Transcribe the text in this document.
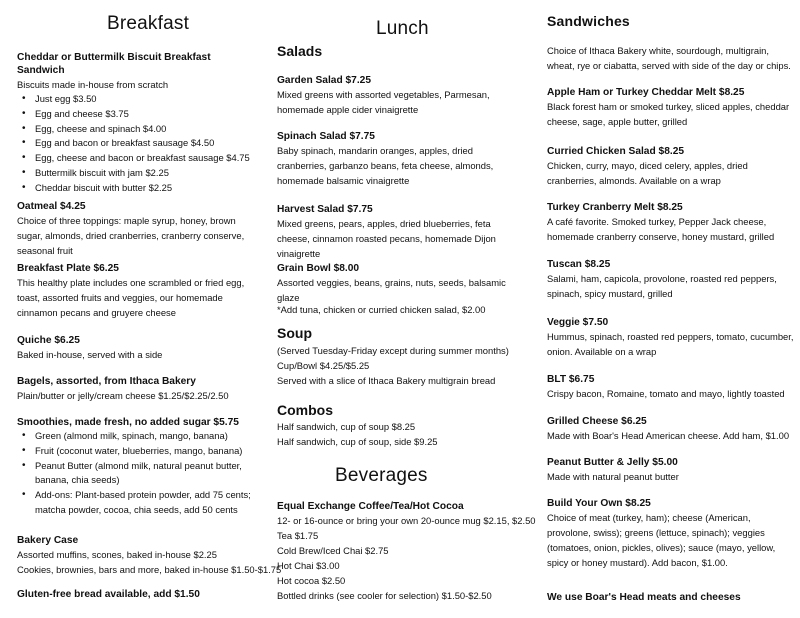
Breakfast
Cheddar or Buttermilk Biscuit Breakfast Sandwich
Biscuits made in-house from scratch
• Just egg $3.50
• Egg and cheese $3.75
• Egg, cheese and spinach $4.00
• Egg and bacon or breakfast sausage $4.50
• Egg, cheese and bacon or breakfast sausage $4.75
• Buttermilk biscuit with jam $2.25
• Cheddar biscuit with butter $2.25
Oatmeal $4.25
Choice of three toppings: maple syrup, honey, brown sugar, almonds, dried cranberries, cranberry conserve, seasonal fruit
Breakfast Plate $6.25
This healthy plate includes one scrambled or fried egg, toast, assorted fruits and veggies, our homemade cinnamon pecans and gruyere cheese
Quiche $6.25
Baked in-house, served with a side
Bagels, assorted, from Ithaca Bakery
Plain/butter or jelly/cream cheese $1.25/$2.25/2.50
Smoothies, made fresh, no added sugar $5.75
• Green (almond milk, spinach, mango, banana)
• Fruit (coconut water, blueberries, mango, banana)
• Peanut Butter (almond milk, natural peanut butter, banana, chia seeds)
• Add-ons: Plant-based protein powder, add 75 cents; matcha powder, cocoa, chia seeds, add 50 cents
Bakery Case
Assorted muffins, scones, baked in-house $2.25
Cookies, brownies, bars and more, baked in-house $1.50-$1.75
Gluten-free bread available, add $1.50
Lunch
Salads
Garden Salad $7.25
Mixed greens with assorted vegetables, Parmesan, homemade apple cider vinaigrette
Spinach Salad $7.75
Baby spinach, mandarin oranges, apples, dried cranberries, garbanzo beans, feta cheese, almonds, homemade balsamic vinaigrette
Harvest Salad $7.75
Mixed greens, pears, apples, dried blueberries, feta cheese, cinnamon roasted pecans, homemade Dijon vinaigrette
Grain Bowl $8.00
Assorted veggies, beans, grains, nuts, seeds, balsamic glaze
*Add tuna, chicken or curried chicken salad, $2.00
Soup
(Served Tuesday-Friday except during summer months)
Cup/Bowl $4.25/$5.25
Served with a slice of Ithaca Bakery multigrain bread
Combos
Half sandwich, cup of soup $8.25
Half sandwich, cup of soup, side $9.25
Beverages
Equal Exchange Coffee/Tea/Hot Cocoa
12- or 16-ounce or bring your own 20-ounce mug $2.15, $2.50
Tea $1.75
Cold Brew/Iced Chai $2.75
Hot Chai $3.00
Hot cocoa $2.50
Bottled drinks (see cooler for selection) $1.50-$2.50
Sandwiches
Choice of Ithaca Bakery white, sourdough, multigrain, wheat, rye or ciabatta, served with side of the day or chips.
Apple Ham or Turkey Cheddar Melt $8.25
Black forest ham or smoked turkey, sliced apples, cheddar cheese, sage, apple butter, grilled
Curried Chicken Salad $8.25
Chicken, curry, mayo, diced celery, apples, dried cranberries, almonds. Available on a wrap
Turkey Cranberry Melt $8.25
A café favorite. Smoked turkey, Pepper Jack cheese, homemade cranberry conserve, honey mustard, grilled
Tuscan $8.25
Salami, ham, capicola, provolone, roasted red peppers, spinach, spicy mustard, grilled
Veggie $7.50
Hummus, spinach, roasted red peppers, tomato, cucumber, onion. Available on a wrap
BLT $6.75
Crispy bacon, Romaine, tomato and mayo, lightly toasted
Grilled Cheese $6.25
Made with Boar's Head American cheese. Add ham, $1.00
Peanut Butter & Jelly $5.00
Made with natural peanut butter
Build Your Own $8.25
Choice of meat (turkey, ham); cheese (American, provolone, swiss); greens (lettuce, spinach); veggies (tomatoes, onion, pickles, olives); sauce (mayo, yellow, spicy or honey mustard). Add bacon, $1.00.
We use Boar's Head meats and cheeses
